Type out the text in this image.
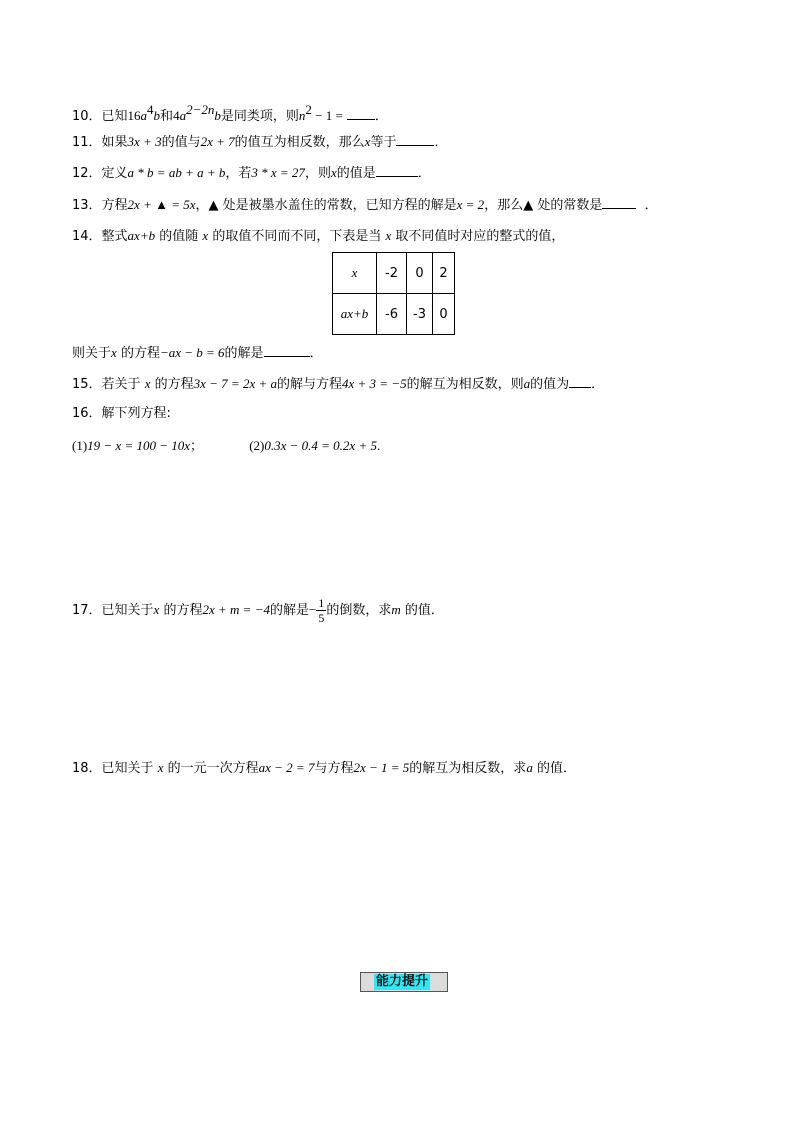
10．已知$16a^4b$和$4a^{2-2n}b$是同类项，则$n^2 - 1$ = ．
11．如果3x + 3的值与2x + 7的值互为相反数，那么x等于	．
12．定义a * b = ab + a + b，若3 * x = 27，则x的值是	．
13．方程2x + ▲ = 5x，▲ 处是被墨水盖住的常数，已知方程的解是x = 2，那么▲ 处的常数是	．
14．整式ax+b 的值随 x 的取值不同而不同，下表是当 x 取不同值时对应的整式的值，
x	-2	0	2
ax+b	-6	-3	0
则关于x 的方程−ax − b = 6的解是	．
15．若关于 x 的方程3x − 7 = 2x + a的解与方程4x + 3 = −5的解互为相反数，则a的值为 ．
16．解下列方程:
(1)19 − x = 100 − 10x；	(2)0.3x − 0.4 = 0.2x + 5.
17．已知关于x 的方程2x + m = −4的解是− $\frac{1}{5}$ 的倒数，求m 的值．
18．已知关于 x 的一元一次方程ax − 2 = 7与方程2x − 1 = 5的解互为相反数，求a 的值．
能力提升
